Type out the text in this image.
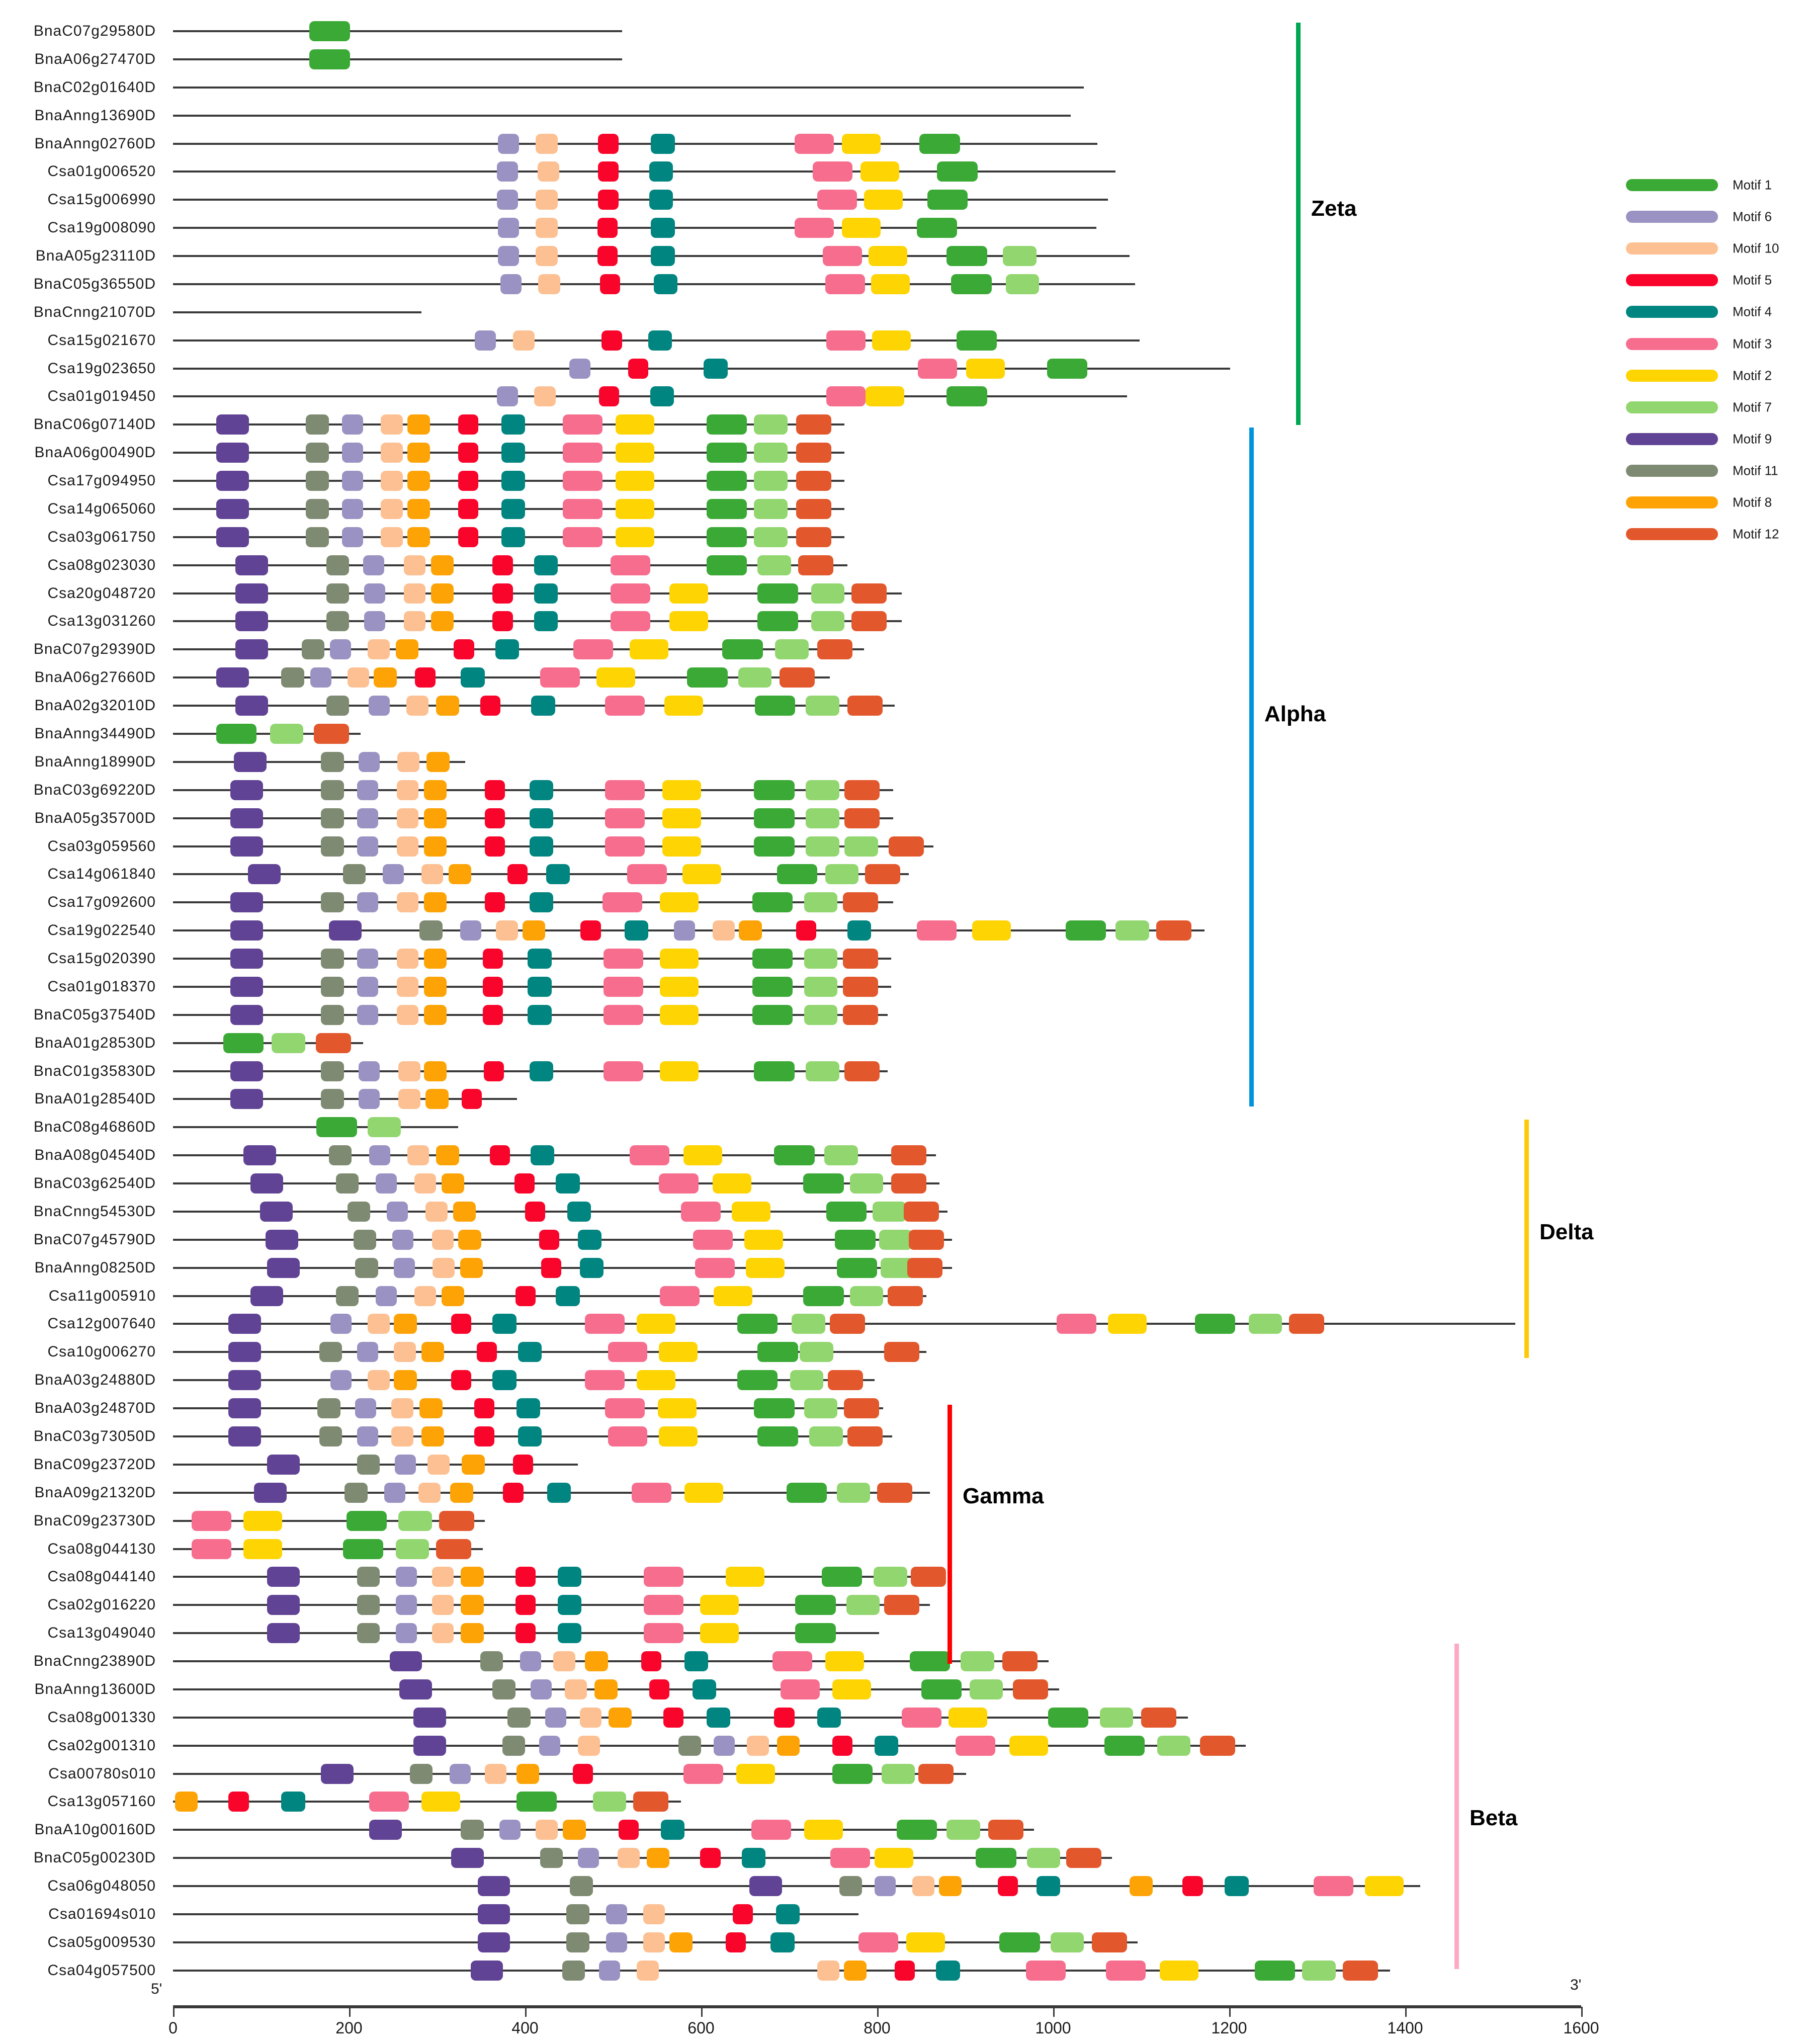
BnaC07g29580D
BnaA06g27470D
BnaC02g01640D
BnaAnng13690D
BnaAnng02760D
Csa01g006520
Csa15g006990
Csa19g008090
BnaA05g23110D
BnaC05g36550D
BnaCnng21070D
Csa15g021670
Csa19g023650
Csa01g019450
BnaC06g07140D
BnaA06g00490D
Csa17g094950
Csa14g065060
Csa03g061750
Csa08g023030
Csa20g048720
Csa13g031260
BnaC07g29390D
BnaA06g27660D
BnaA02g32010D
BnaAnng34490D
BnaAnng18990D
BnaC03g69220D
BnaA05g35700D
Csa03g059560
Csa14g061840
Csa17g092600
Csa19g022540
Csa15g020390
Csa01g018370
BnaC05g37540D
BnaA01g28530D
BnaC01g35830D
BnaA01g28540D
BnaC08g46860D
BnaA08g04540D
BnaC03g62540D
BnaCnng54530D
BnaC07g45790D
BnaAnng08250D
Csa11g005910
Csa12g007640
Csa10g006270
BnaA03g24880D
BnaA03g24870D
BnaC03g73050D
BnaC09g23720D
BnaA09g21320D
BnaC09g23730D
Csa08g044130
Csa08g044140
Csa02g016220
Csa13g049040
BnaCnng23890D
BnaAnng13600D
Csa08g001330
Csa02g001310
Csa00780s010
Csa13g057160
BnaA10g00160D
BnaC05g00230D
Csa06g048050
Csa01694s010
Csa05g009530
Csa04g057500
Zeta
Alpha
Delta
Gamma
Beta
Motif 1
Motif 6
Motif 10
Motif 5
Motif 4
Motif 3
Motif 2
Motif 7
Motif 9
Motif 11
Motif 8
Motif 12
5'	3'
0	200	400	600	800	1000	1200	1400	1600
